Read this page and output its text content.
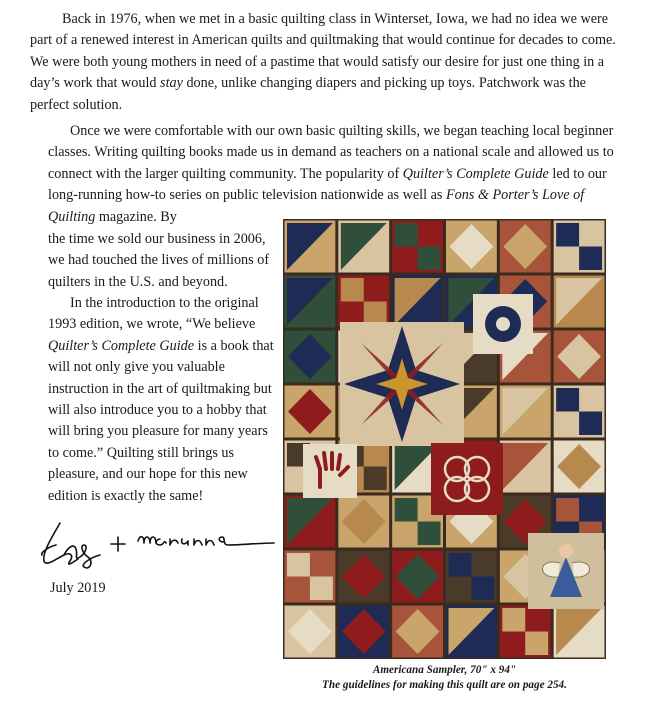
Back in 1976, when we met in a basic quilting class in Winterset, Iowa, we had no idea we were part of a renewed interest in American quilts and quiltmaking that would continue for decades to come. We were both young mothers in need of a pastime that would satisfy our desire for just one thing in a day’s work that would stay done, unlike changing diapers and picking up toys. Patchwork was the perfect solution.

Once we were comfortable with our own basic quilting skills, we began teaching local beginner classes. Writing quilting books made us in demand as teachers on a national scale and allowed us to connect with the larger quilting community. The popularity of Quilter’s Complete Guide led to our long-running how-to series on public television nationwide as well as Fons & Porter’s Love of Quilting magazine. By

the time we sold our business in 2006, we had touched the lives of millions of quilters in the U.S. and beyond.

In the introduction to the original 1993 edition, we wrote, “We believe Quilter’s Complete Guide is a book that will not only give you valuable instruction in the art of quiltmaking but will also introduce you to a hobby that will bring you pleasure for many years to come.” Quilting still brings us pleasure, and our hope for this new edition is exactly the same!

July 2019
Americana Sampler, 70" x 94"
The guidelines for making this quilt are on page 254.
